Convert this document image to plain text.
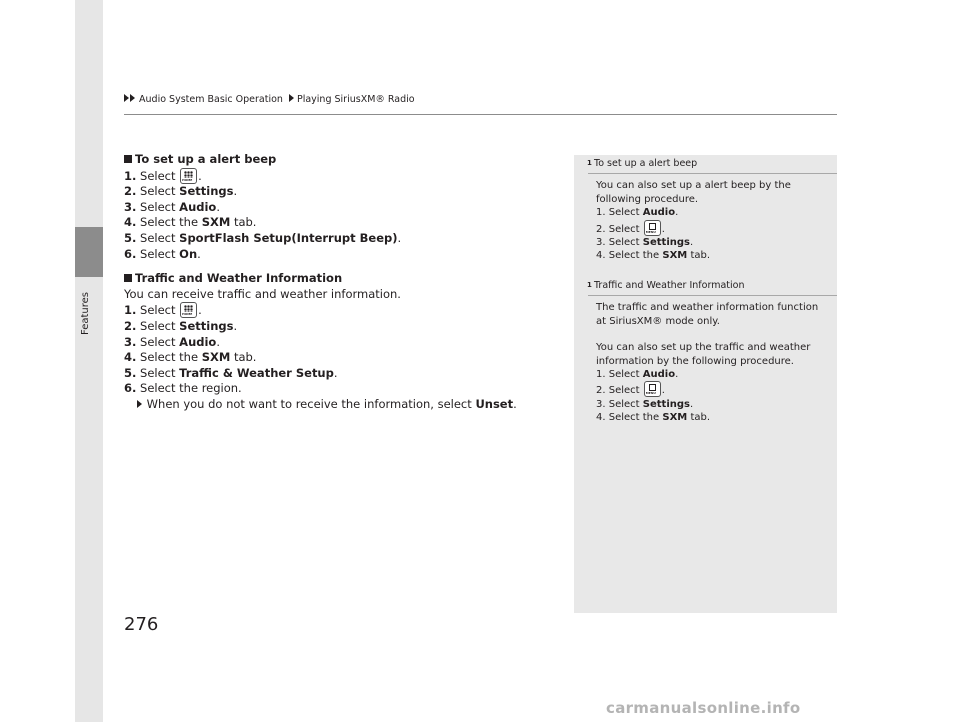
Features
Audio System Basic Operation Playing SiriusXM® Radio

To set up a alert beep

1. Select HOME .

2. Select Settings.

3. Select Audio.

4. Select the SXM tab.

5. Select SportFlash Setup(Interrupt Beep).

6. Select On.

Traffic and Weather Information

You can receive traffic and weather information.

1. Select HOME .

2. Select Settings.

3. Select Audio.

4. Select the SXM tab.

5. Select Traffic & Weather Setup.

6. Select the region.

When you do not want to receive the information, select Unset.

1 To set up a alert beep

You can also set up a alert beep by the following procedure.

1. Select Audio.

2. Select MENU .

3. Select Settings.

4. Select the SXM tab.

1 Traffic and Weather Information

The traffic and weather information function at SiriusXM® mode only.

You can also set up the traffic and weather information by the following procedure.

1. Select Audio.

2. Select MENU .

3. Select Settings.

4. Select the SXM tab.

276
carmanualsonline.info
